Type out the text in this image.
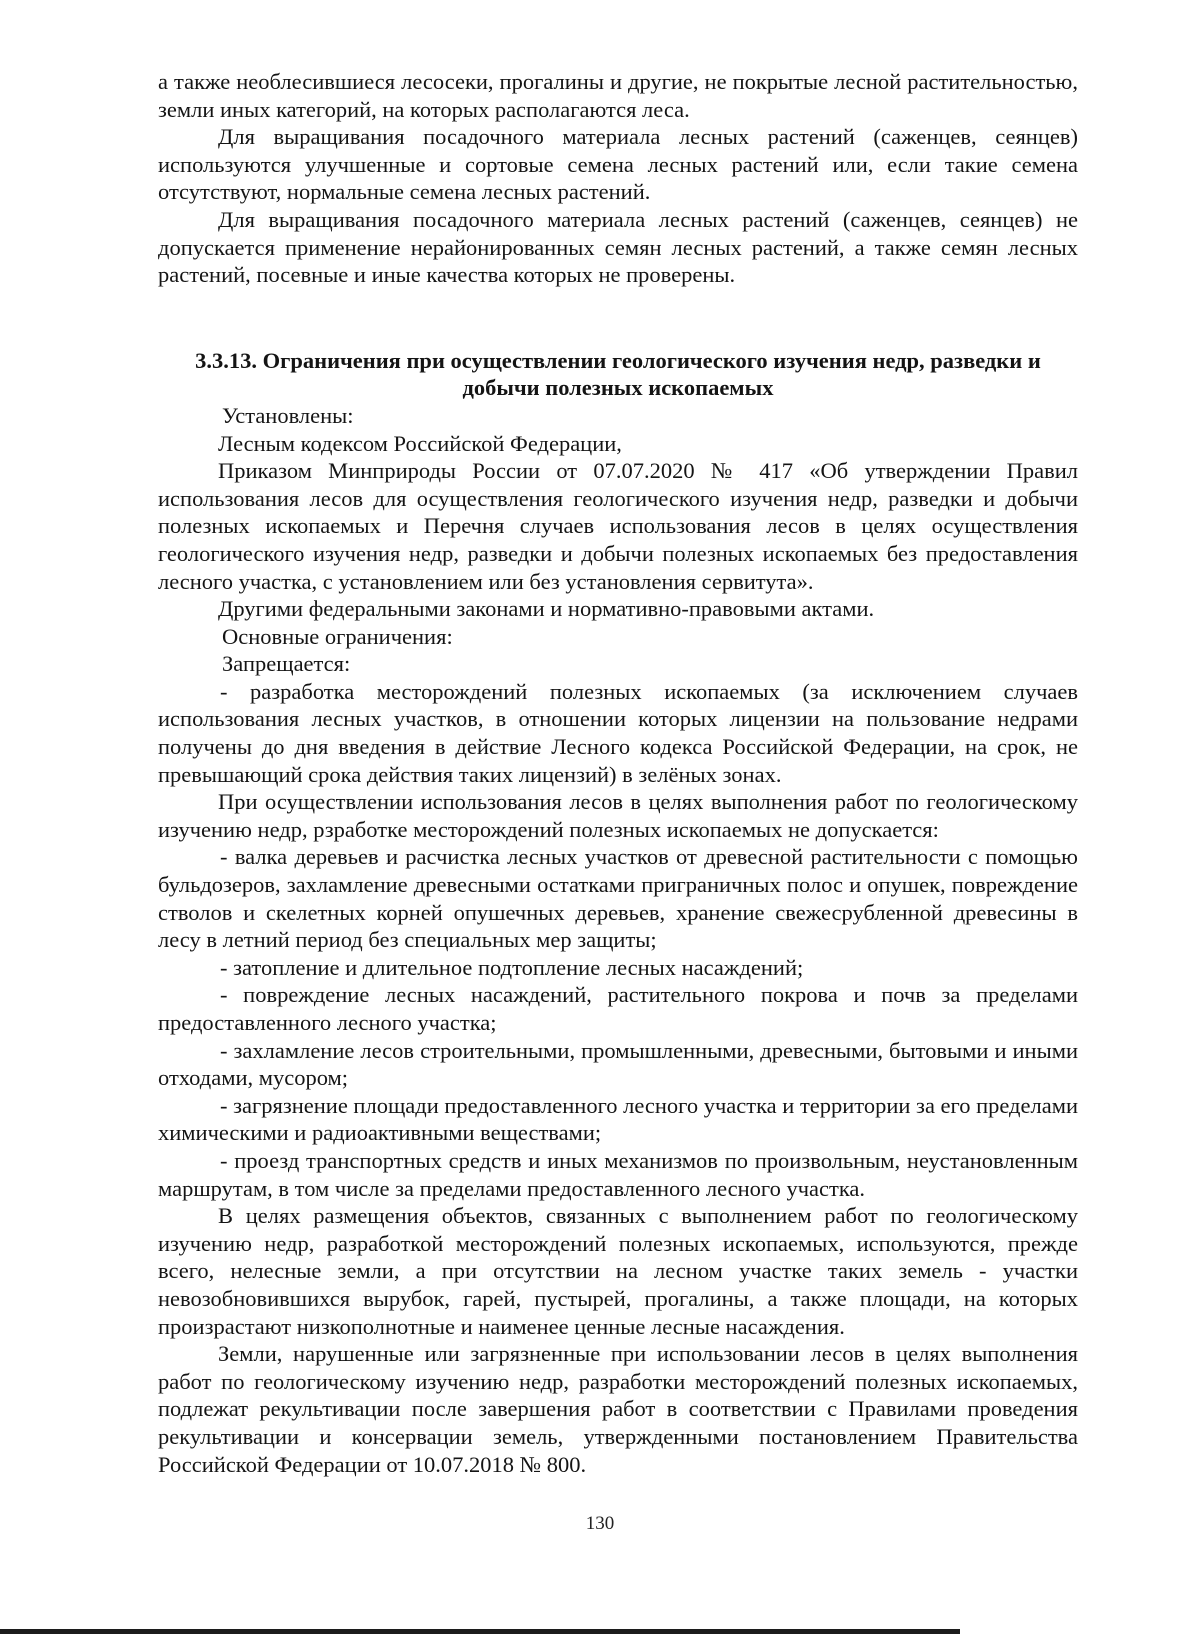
а также необлесившиеся лесосеки, прогалины и другие, не покрытые лесной растительностью, земли иных категорий, на которых располагаются леса.

Для выращивания посадочного материала лесных растений (саженцев, сеянцев) используются улучшенные и сортовые семена лесных растений или, если такие семена отсутствуют, нормальные семена лесных растений.

Для выращивания посадочного материала лесных растений (саженцев, сеянцев) не допускается применение нерайонированных семян лесных растений, а также семян лесных растений, посевные и иные качества которых не проверены.

3.3.13. Ограничения при осуществлении геологического изучения недр, разведки и добычи полезных ископаемых

Установлены:

Лесным кодексом Российской Федерации,

Приказом Минприроды России от 07.07.2020 № 417 «Об утверждении Правил использования лесов для осуществления геологического изучения недр, разведки и добычи полезных ископаемых и Перечня случаев использования лесов в целях осуществления геологического изучения недр, разведки и добычи полезных ископаемых без предоставления лесного участка, с установлением или без установления сервитута».

Другими федеральными законами и нормативно-правовыми актами.

Основные ограничения:

Запрещается:

- разработка месторождений полезных ископаемых (за исключением случаев использования лесных участков, в отношении которых лицензии на пользование недрами получены до дня введения в действие Лесного кодекса Российской Федерации, на срок, не превышающий срока действия таких лицензий) в зелёных зонах.

При осуществлении использования лесов в целях выполнения работ по геологическому изучению недр, рзработке месторождений полезных ископаемых не допускается:

- валка деревьев и расчистка лесных участков от древесной растительности с помощью бульдозеров, захламление древесными остатками приграничных полос и опушек, повреждение стволов и скелетных корней опушечных деревьев, хранение свежесрубленной древесины в лесу в летний период без специальных мер защиты;

- затопление и длительное подтопление лесных насаждений;

- повреждение лесных насаждений, растительного покрова и почв за пределами предоставленного лесного участка;

- захламление лесов строительными, промышленными, древесными, бытовыми и иными отходами, мусором;

- загрязнение площади предоставленного лесного участка и территории за его пределами химическими и радиоактивными веществами;

- проезд транспортных средств и иных механизмов по произвольным, неустановленным маршрутам, в том числе за пределами предоставленного лесного участка.

В целях размещения объектов, связанных с выполнением работ по геологическому изучению недр, разработкой месторождений полезных ископаемых, используются, прежде всего, нелесные земли, а при отсутствии на лесном участке таких земель - участки невозобновившихся вырубок, гарей, пустырей, прогалины, а также площади, на которых произрастают низкополнотные и наименее ценные лесные насаждения.

Земли, нарушенные или загрязненные при использовании лесов в целях выполнения работ по геологическому изучению недр, разработки месторождений полезных ископаемых, подлежат рекультивации после завершения работ в соответствии с Правилами проведения рекультивации и консервации земель, утвержденными постановлением Правительства Российской Федерации от 10.07.2018 № 800.

130
